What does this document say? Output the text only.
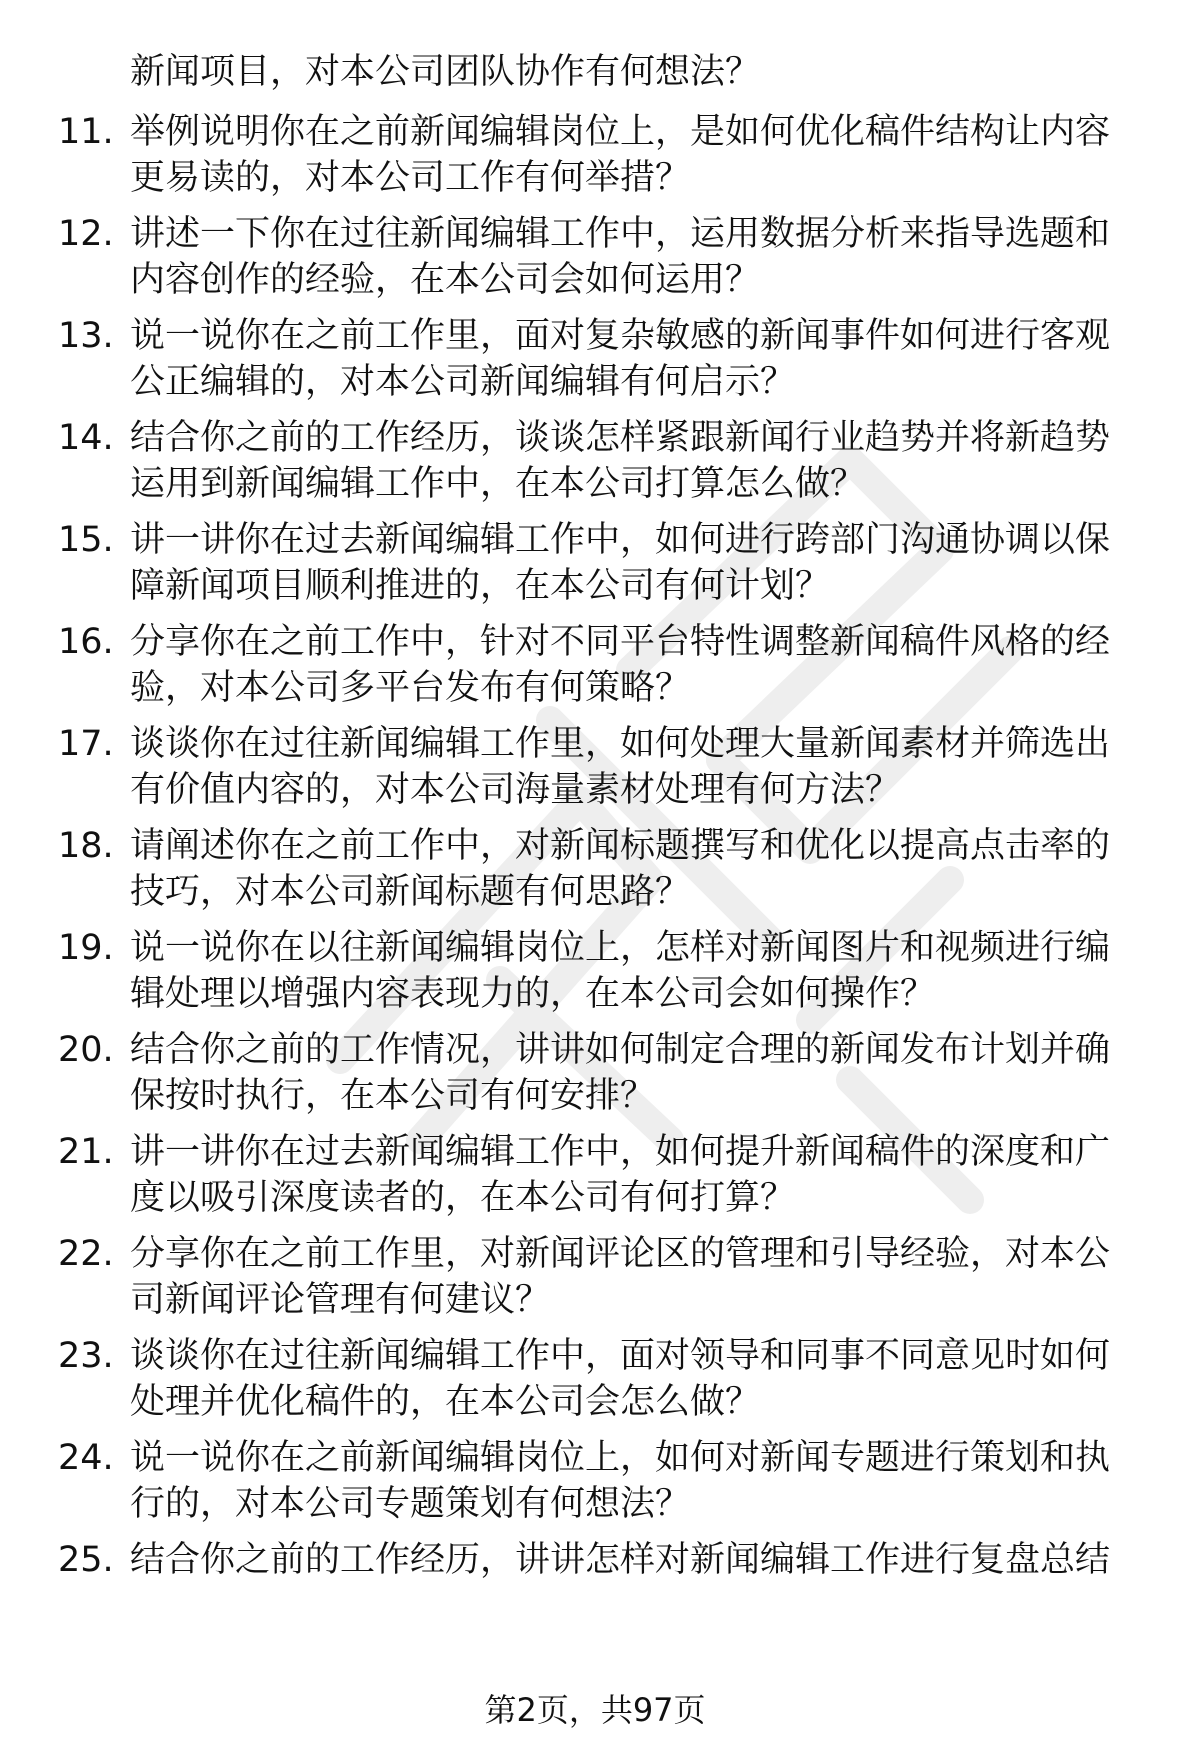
新闻项目，对本公司团队协作有何想法？
11. 举例说明你在之前新闻编辑岗位上，是如何优化稿件结构让内容
更易读的，对本公司工作有何举措？
12. 讲述一下你在过往新闻编辑工作中，运用数据分析来指导选题和
内容创作的经验，在本公司会如何运用？
13. 说一说你在之前工作里，面对复杂敏感的新闻事件如何进行客观
公正编辑的，对本公司新闻编辑有何启示？
14. 结合你之前的工作经历，谈谈怎样紧跟新闻行业趋势并将新趋势
运用到新闻编辑工作中，在本公司打算怎么做？
15. 讲一讲你在过去新闻编辑工作中，如何进行跨部门沟通协调以保
障新闻项目顺利推进的，在本公司有何计划？
16. 分享你在之前工作中，针对不同平台特性调整新闻稿件风格的经
验，对本公司多平台发布有何策略？
17. 谈谈你在过往新闻编辑工作里，如何处理大量新闻素材并筛选出
有价值内容的，对本公司海量素材处理有何方法？
18. 请阐述你在之前工作中，对新闻标题撰写和优化以提高点击率的
技巧，对本公司新闻标题有何思路？
19. 说一说你在以往新闻编辑岗位上，怎样对新闻图片和视频进行编
辑处理以增强内容表现力的，在本公司会如何操作？
20. 结合你之前的工作情况，讲讲如何制定合理的新闻发布计划并确
保按时执行，在本公司有何安排？
21. 讲一讲你在过去新闻编辑工作中，如何提升新闻稿件的深度和广
度以吸引深度读者的，在本公司有何打算？
22. 分享你在之前工作里，对新闻评论区的管理和引导经验，对本公
司新闻评论管理有何建议？
23. 谈谈你在过往新闻编辑工作中，面对领导和同事不同意见时如何
处理并优化稿件的，在本公司会怎么做？
24. 说一说你在之前新闻编辑岗位上，如何对新闻专题进行策划和执
行的，对本公司专题策划有何想法？
25. 结合你之前的工作经历，讲讲怎样对新闻编辑工作进行复盘总结
第2页，共97页
